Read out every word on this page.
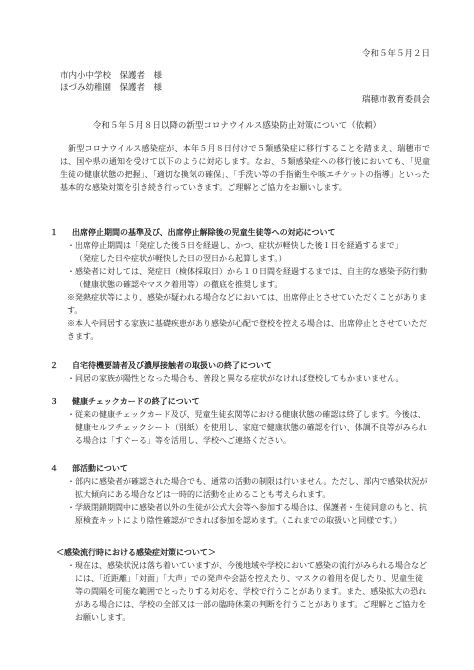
令和５年５月２日
市内小中学校　保護者　様
ほづみ幼稚園　保護者　様
瑞穂市教育委員会
令和５年５月８日以降の新型コロナウイルス感染防止対策について（依頼）

新型コロナウイルス感染症が、本年５月８日付けで５類感染症に移行することを踏まえ、瑞穂市では、国や県の通知を受けて以下のように対応します。なお、５類感染症への移行後においても、「児童生徒の健康状態の把握」、「適切な換気の確保」、「手洗い等の手指衛生や咳エチケットの指導」といった基本的な感染対策を引き続き行っていきます。ご理解とご協力をお願いします。

１ 出席停止期間の基準及び、出席停止解除後の児童生徒等への対応について

・出席停止期間は「発症した後５日を経過し、かつ、症状が軽快した後１日を経過するまで」

（発症した日や症状が軽快した日の翌日から起算します。）

・感染者に対しては、発症日（検体採取日）から１０日間を経過するまでは、自主的な感染予防行動（健康状態の確認やマスク着用等）の徹底を推奨します。

※発熱症状等により、感染が疑われる場合などにおいては、出席停止とさせていただくことがあります。

※本人や同居する家族に基礎疾患があり感染が心配で登校を控える場合は、出席停止とさせていただきます。

２ 自宅待機要請者及び濃厚接触者の取扱いの終了について

・同居の家族が陽性となった場合も、普段と異なる症状がなければ登校してもかまいません。

３ 健康チェックカードの終了について

・従来の健康チェックカード及び、児童生徒玄関等における健康状態の確認は終了します。今後は、健康セルフチェックシート（別紙）を使用し、家庭で健康状態の確認を行い、体調不良等がみられる場合は「すぐーる」等を活用し、学校へご連絡ください。

４ 部活動について

・部内に感染者が確認された場合でも、通常の活動の制限は行いません。ただし、部内で感染状況が拡大傾向にある場合などは一時的に活動を止めることも考えられます。

・学級閉鎖期間中に感染者以外の生徒が公式大会等へ参加する場合は、保護者・生徒同意のもと、抗原検査キットにより陰性確認ができれば参加を認めます。（これまでの取扱いと同様です。）

＜感染流行時における感染症対策について＞

・現在は、感染状況は落ち着いていますが、今後地域や学校において感染の流行がみられる場合などには、「近距離」「対面」「大声」での発声や会話を控えたり、マスクの着用を促したり、児童生徒等の間隔を可能な範囲でとったりする対応を、学校で行うことがあります。また、感染拡大の恐れがある場合には、学校の全部又は一部の臨時休業の判断を行うことがあります。ご理解とご協力をお願いします。
